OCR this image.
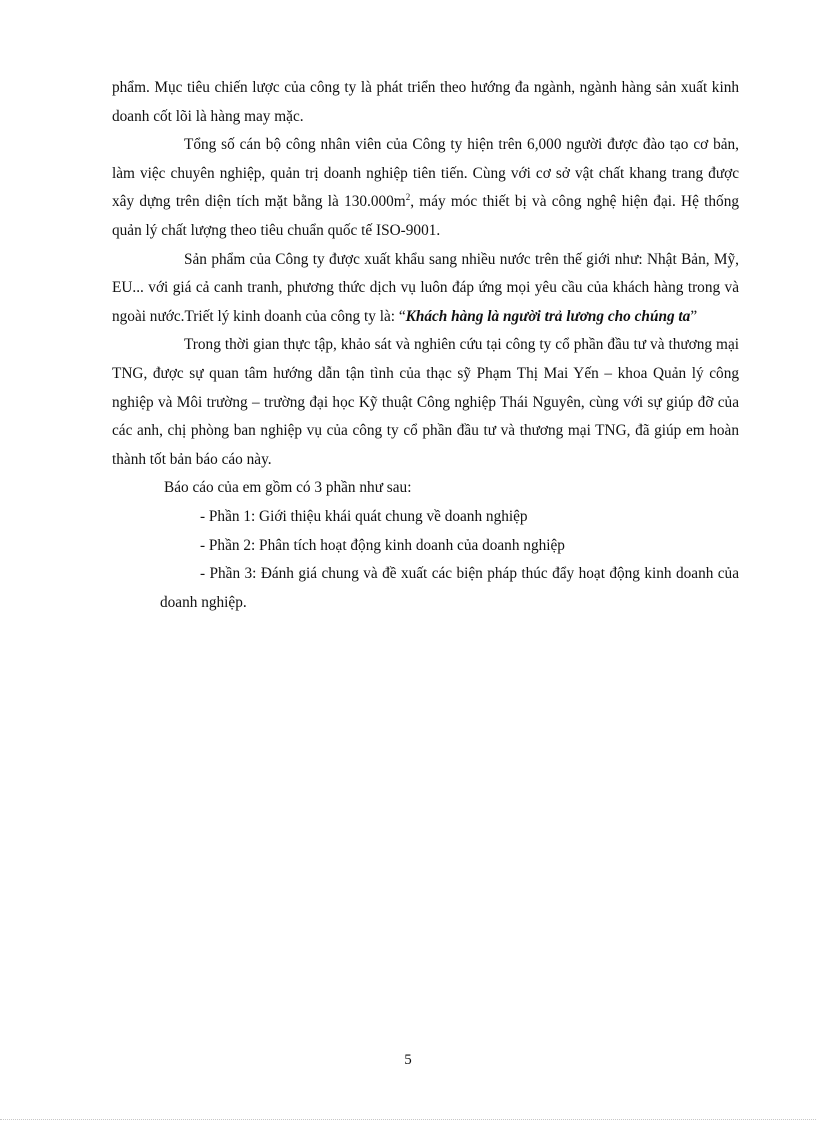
phẩm. Mục tiêu chiến lược của công ty là phát triển theo hướng đa ngành, ngành hàng sản xuất kinh doanh cốt lõi là hàng may mặc.

Tổng số cán bộ công nhân viên của Công ty hiện trên 6,000 người được đào tạo cơ bản, làm việc chuyên nghiệp, quản trị doanh nghiệp tiên tiến. Cùng với cơ sở vật chất khang trang được xây dựng trên diện tích mặt bằng là $130.000m^2$, máy móc thiết bị và công nghệ hiện đại. Hệ thống quản lý chất lượng theo tiêu chuẩn quốc tế ISO-9001.

Sản phẩm của Công ty được xuất khẩu sang nhiều nước trên thế giới như: Nhật Bản, Mỹ, EU... với giá cả canh tranh, phương thức dịch vụ luôn đáp ứng mọi yêu cầu của khách hàng trong và ngoài nước.Triết lý kinh doanh của công ty là: “Khách hàng là người trả lương cho chúng ta”

Trong thời gian thực tập, khảo sát và nghiên cứu tại công ty cổ phần đầu tư và thương mại TNG, được sự quan tâm hướng dẫn tận tình của thạc sỹ Phạm Thị Mai Yến – khoa Quản lý công nghiệp và Môi trường – trường đại học Kỹ thuật Công nghiệp Thái Nguyên, cùng với sự giúp đỡ của các anh, chị phòng ban nghiệp vụ của công ty cổ phần đầu tư và thương mại TNG, đã giúp em hoàn thành tốt bản báo cáo này.

Báo cáo của em gồm có 3 phần như sau:

- Phần 1: Giới thiệu khái quát chung về doanh nghiệp

- Phần 2: Phân tích hoạt động kinh doanh của doanh nghiệp

- Phần 3: Đánh giá chung và đề xuất các biện pháp thúc đẩy hoạt động kinh doanh của doanh nghiệp.

5
